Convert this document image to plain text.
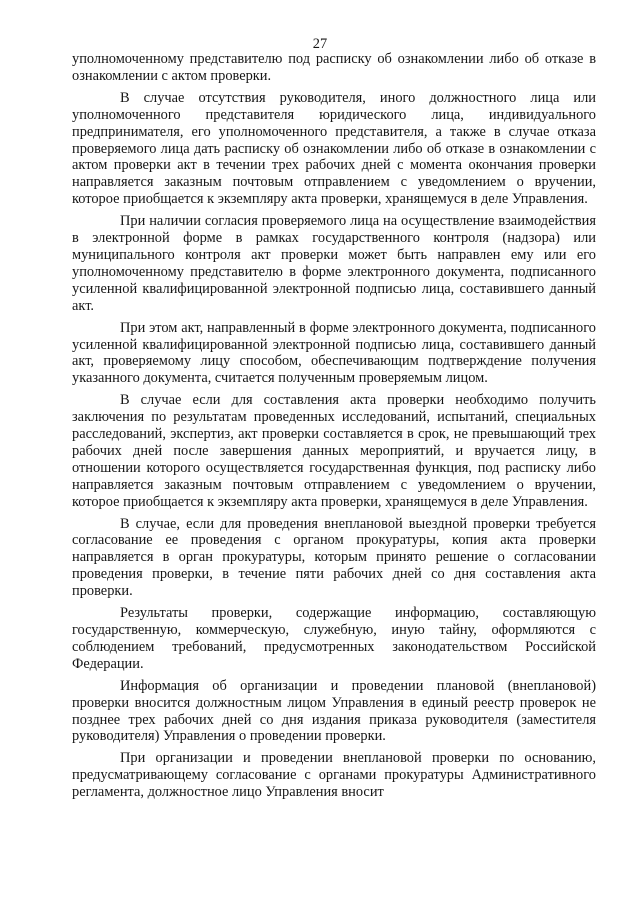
27

уполномоченному представителю под расписку об ознакомлении либо об отказе в ознакомлении с актом проверки.

В случае отсутствия руководителя, иного должностного лица или уполномоченного представителя юридического лица, индивидуального предпринимателя, его уполномоченного представителя, а также в случае отказа проверяемого лица дать расписку об ознакомлении либо об отказе в ознакомлении с актом проверки акт в течении трех рабочих дней с момента окончания проверки направляется заказным почтовым отправлением с уведомлением о вручении, которое приобщается к экземпляру акта проверки, хранящемуся в деле Управления.

При наличии согласия проверяемого лица на осуществление взаимодействия в электронной форме в рамках государственного контроля (надзора) или муниципального контроля акт проверки может быть направлен ему или его уполномоченному представителю в форме электронного документа, подписанного усиленной квалифицированной электронной подписью лица, составившего данный акт.

При этом акт, направленный в форме электронного документа, подписанного усиленной квалифицированной электронной подписью лица, составившего данный акт, проверяемому лицу способом, обеспечивающим подтверждение получения указанного документа, считается полученным проверяемым лицом.

В случае если для составления акта проверки необходимо получить заключения по результатам проведенных исследований, испытаний, специальных расследований, экспертиз, акт проверки составляется в срок, не превышающий трех рабочих дней после завершения данных мероприятий, и вручается лицу, в отношении которого осуществляется государственная функция, под расписку либо направляется заказным почтовым отправлением с уведомлением о вручении, которое приобщается к экземпляру акта проверки, хранящемуся в деле Управления.

В случае, если для проведения внеплановой выездной проверки требуется согласование ее проведения с органом прокуратуры, копия акта проверки направляется в орган прокуратуры, которым принято решение о согласовании проведения проверки, в течение пяти рабочих дней со дня составления акта проверки.

Результаты проверки, содержащие информацию, составляющую государственную, коммерческую, служебную, иную тайну, оформляются с соблюдением требований, предусмотренных законодательством Российской Федерации.

Информация об организации и проведении плановой (внеплановой) проверки вносится должностным лицом Управления в единый реестр проверок не позднее трех рабочих дней со дня издания приказа руководителя (заместителя руководителя) Управления о проведении проверки.

При организации и проведении внеплановой проверки по основанию, предусматривающему согласование с органами прокуратуры Административного регламента, должностное лицо Управления вносит
